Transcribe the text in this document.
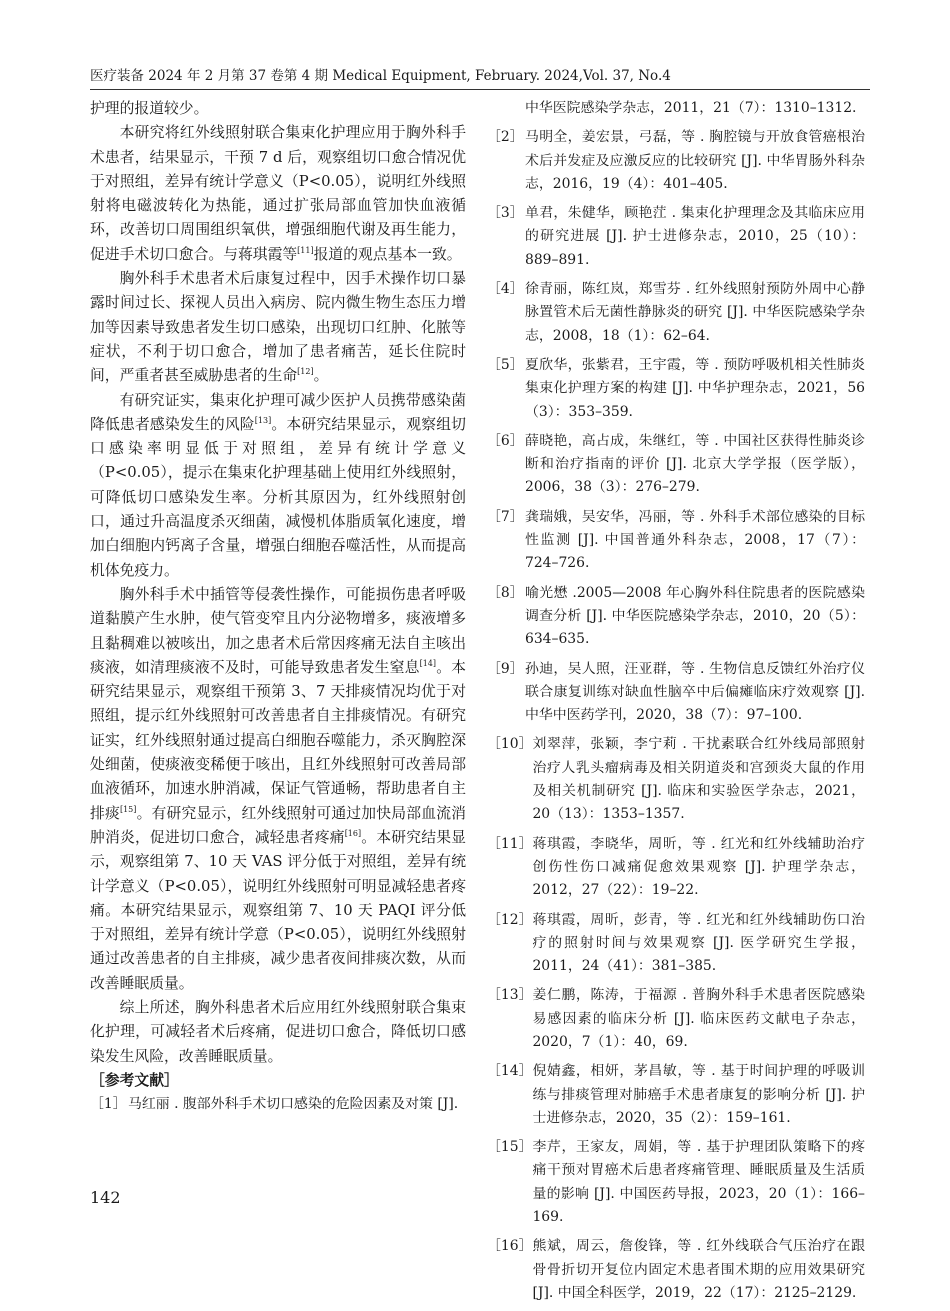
医疗装备 2024 年 2 月第 37 卷第 4 期 Medical Equipment, February. 2024,Vol. 37, No.4

护理的报道较少。

本研究将红外线照射联合集束化护理应用于胸外科手术患者，结果显示，干预 7 d 后，观察组切口愈合情况优于对照组，差异有统计学意义（P<0.05），说明红外线照射将电磁波转化为热能，通过扩张局部血管加快血液循环，改善切口周围组织氧供，增强细胞代谢及再生能力，促进手术切口愈合。与蒋琪霞等[11]报道的观点基本一致。

胸外科手术患者术后康复过程中，因手术操作切口暴露时间过长、探视人员出入病房、院内微生物生态压力增加等因素导致患者发生切口感染，出现切口红肿、化脓等症状，不利于切口愈合，增加了患者痛苦，延长住院时间，严重者甚至威胁患者的生命[12]。

有研究证实，集束化护理可减少医护人员携带感染菌降低患者感染发生的风险[13]。本研究结果显示，观察组切口感染率明显低于对照组，差异有统计学意义（P<0.05），提示在集束化护理基础上使用红外线照射，可降低切口感染发生率。分析其原因为，红外线照射创口，通过升高温度杀灭细菌，减慢机体脂质氧化速度，增加白细胞内钙离子含量，增强白细胞吞噬活性，从而提高机体免疫力。

胸外科手术中插管等侵袭性操作，可能损伤患者呼吸道黏膜产生水肿，使气管变窄且内分泌物增多，痰液增多且黏稠难以被咳出，加之患者术后常因疼痛无法自主咳出痰液，如清理痰液不及时，可能导致患者发生窒息[14]。本研究结果显示，观察组干预第 3、7 天排痰情况均优于对照组，提示红外线照射可改善患者自主排痰情况。有研究证实，红外线照射通过提高白细胞吞噬能力，杀灭胸腔深处细菌，使痰液变稀便于咳出，且红外线照射可改善局部血液循环，加速水肿消减，保证气管通畅，帮助患者自主排痰[15]。有研究显示，红外线照射可通过加快局部血流消肿消炎，促进切口愈合，减轻患者疼痛[16]。本研究结果显示，观察组第 7、10 天 VAS 评分低于对照组，差异有统计学意义（P<0.05），说明红外线照射可明显减轻患者疼痛。本研究结果显示，观察组第 7、10 天 PAQI 评分低于对照组，差异有统计学意（P<0.05），说明红外线照射通过改善患者的自主排痰，减少患者夜间排痰次数，从而改善睡眠质量。

综上所述，胸外科患者术后应用红外线照射联合集束化护理，可减轻者术后疼痛，促进切口愈合，降低切口感染发生风险，改善睡眠质量。

［参考文献］

［1］ 马红丽 . 腹部外科手术切口感染的危险因素及对策 [J].

中华医院感染学杂志，2011，21（7）：1310–1312.

［2］ 马明全，姜宏景，弓磊，等 . 胸腔镜与开放食管癌根治术后并发症及应激反应的比较研究 [J]. 中华胃肠外科杂志，2016，19（4）：401–405.
［3］ 单君，朱健华，顾艳茳 . 集束化护理理念及其临床应用的研究进展 [J]. 护士进修杂志，2010，25（10）：889–891.
［4］ 徐青丽，陈红岚，郑雪芬 . 红外线照射预防外周中心静脉置管术后无菌性静脉炎的研究 [J]. 中华医院感染学杂志，2008，18（1）：62–64.
［5］ 夏欣华，张紫君，王宇霞，等 . 预防呼吸机相关性肺炎集束化护理方案的构建 [J]. 中华护理杂志，2021，56（3）：353–359.
［6］ 薛晓艳，高占成，朱继红，等 . 中国社区获得性肺炎诊断和治疗指南的评价 [J]. 北京大学学报（医学版），2006，38（3）：276–279.
［7］ 龚瑞娥，吴安华，冯丽，等 . 外科手术部位感染的目标性监测 [J]. 中国普通外科杂志，2008，17（7）：724–726.
［8］ 喻光懋 .2005—2008 年心胸外科住院患者的医院感染调查分析 [J]. 中华医院感染学杂志，2010，20（5）：634–635.
［9］ 孙迪，吴人照，汪亚群，等 . 生物信息反馈红外治疗仪联合康复训练对缺血性脑卒中后偏瘫临床疗效观察 [J]. 中华中医药学刊，2020，38（7）：97–100.
［10］ 刘翠萍，张颖，李宁莉 . 干扰素联合红外线局部照射治疗人乳头瘤病毒及相关阴道炎和宫颈炎大鼠的作用及相关机制研究 [J]. 临床和实验医学杂志，2021，20（13）：1353–1357.
［11］ 蒋琪霞，李晓华，周昕，等 . 红光和红外线辅助治疗创伤性伤口减痛促愈效果观察 [J]. 护理学杂志，2012，27（22）：19–22.
［12］ 蒋琪霞，周昕，彭青，等 . 红光和红外线辅助伤口治疗的照射时间与效果观察 [J]. 医学研究生学报，2011，24（41）：381–385.
［13］ 姜仁鹏，陈涛，于福源 . 普胸外科手术患者医院感染易感因素的临床分析 [J]. 临床医药文献电子杂志，2020，7（1）：40，69.
［14］ 倪婧鑫，相妍，茅昌敏，等 . 基于时间护理的呼吸训练与排痰管理对肺癌手术患者康复的影响分析 [J]. 护士进修杂志，2020，35（2）：159–161.
［15］ 李芹，王家友，周娟，等 . 基于护理团队策略下的疼痛干预对胃癌术后患者疼痛管理、睡眠质量及生活质量的影响 [J]. 中国医药导报，2023，20（1）：166–169.
［16］ 熊斌，周云，詹俊锋，等 . 红外线联合气压治疗在跟骨骨折切开复位内固定术患者围术期的应用效果研究 [J]. 中国全科医学，2019，22（17）：2125–2129.
142
